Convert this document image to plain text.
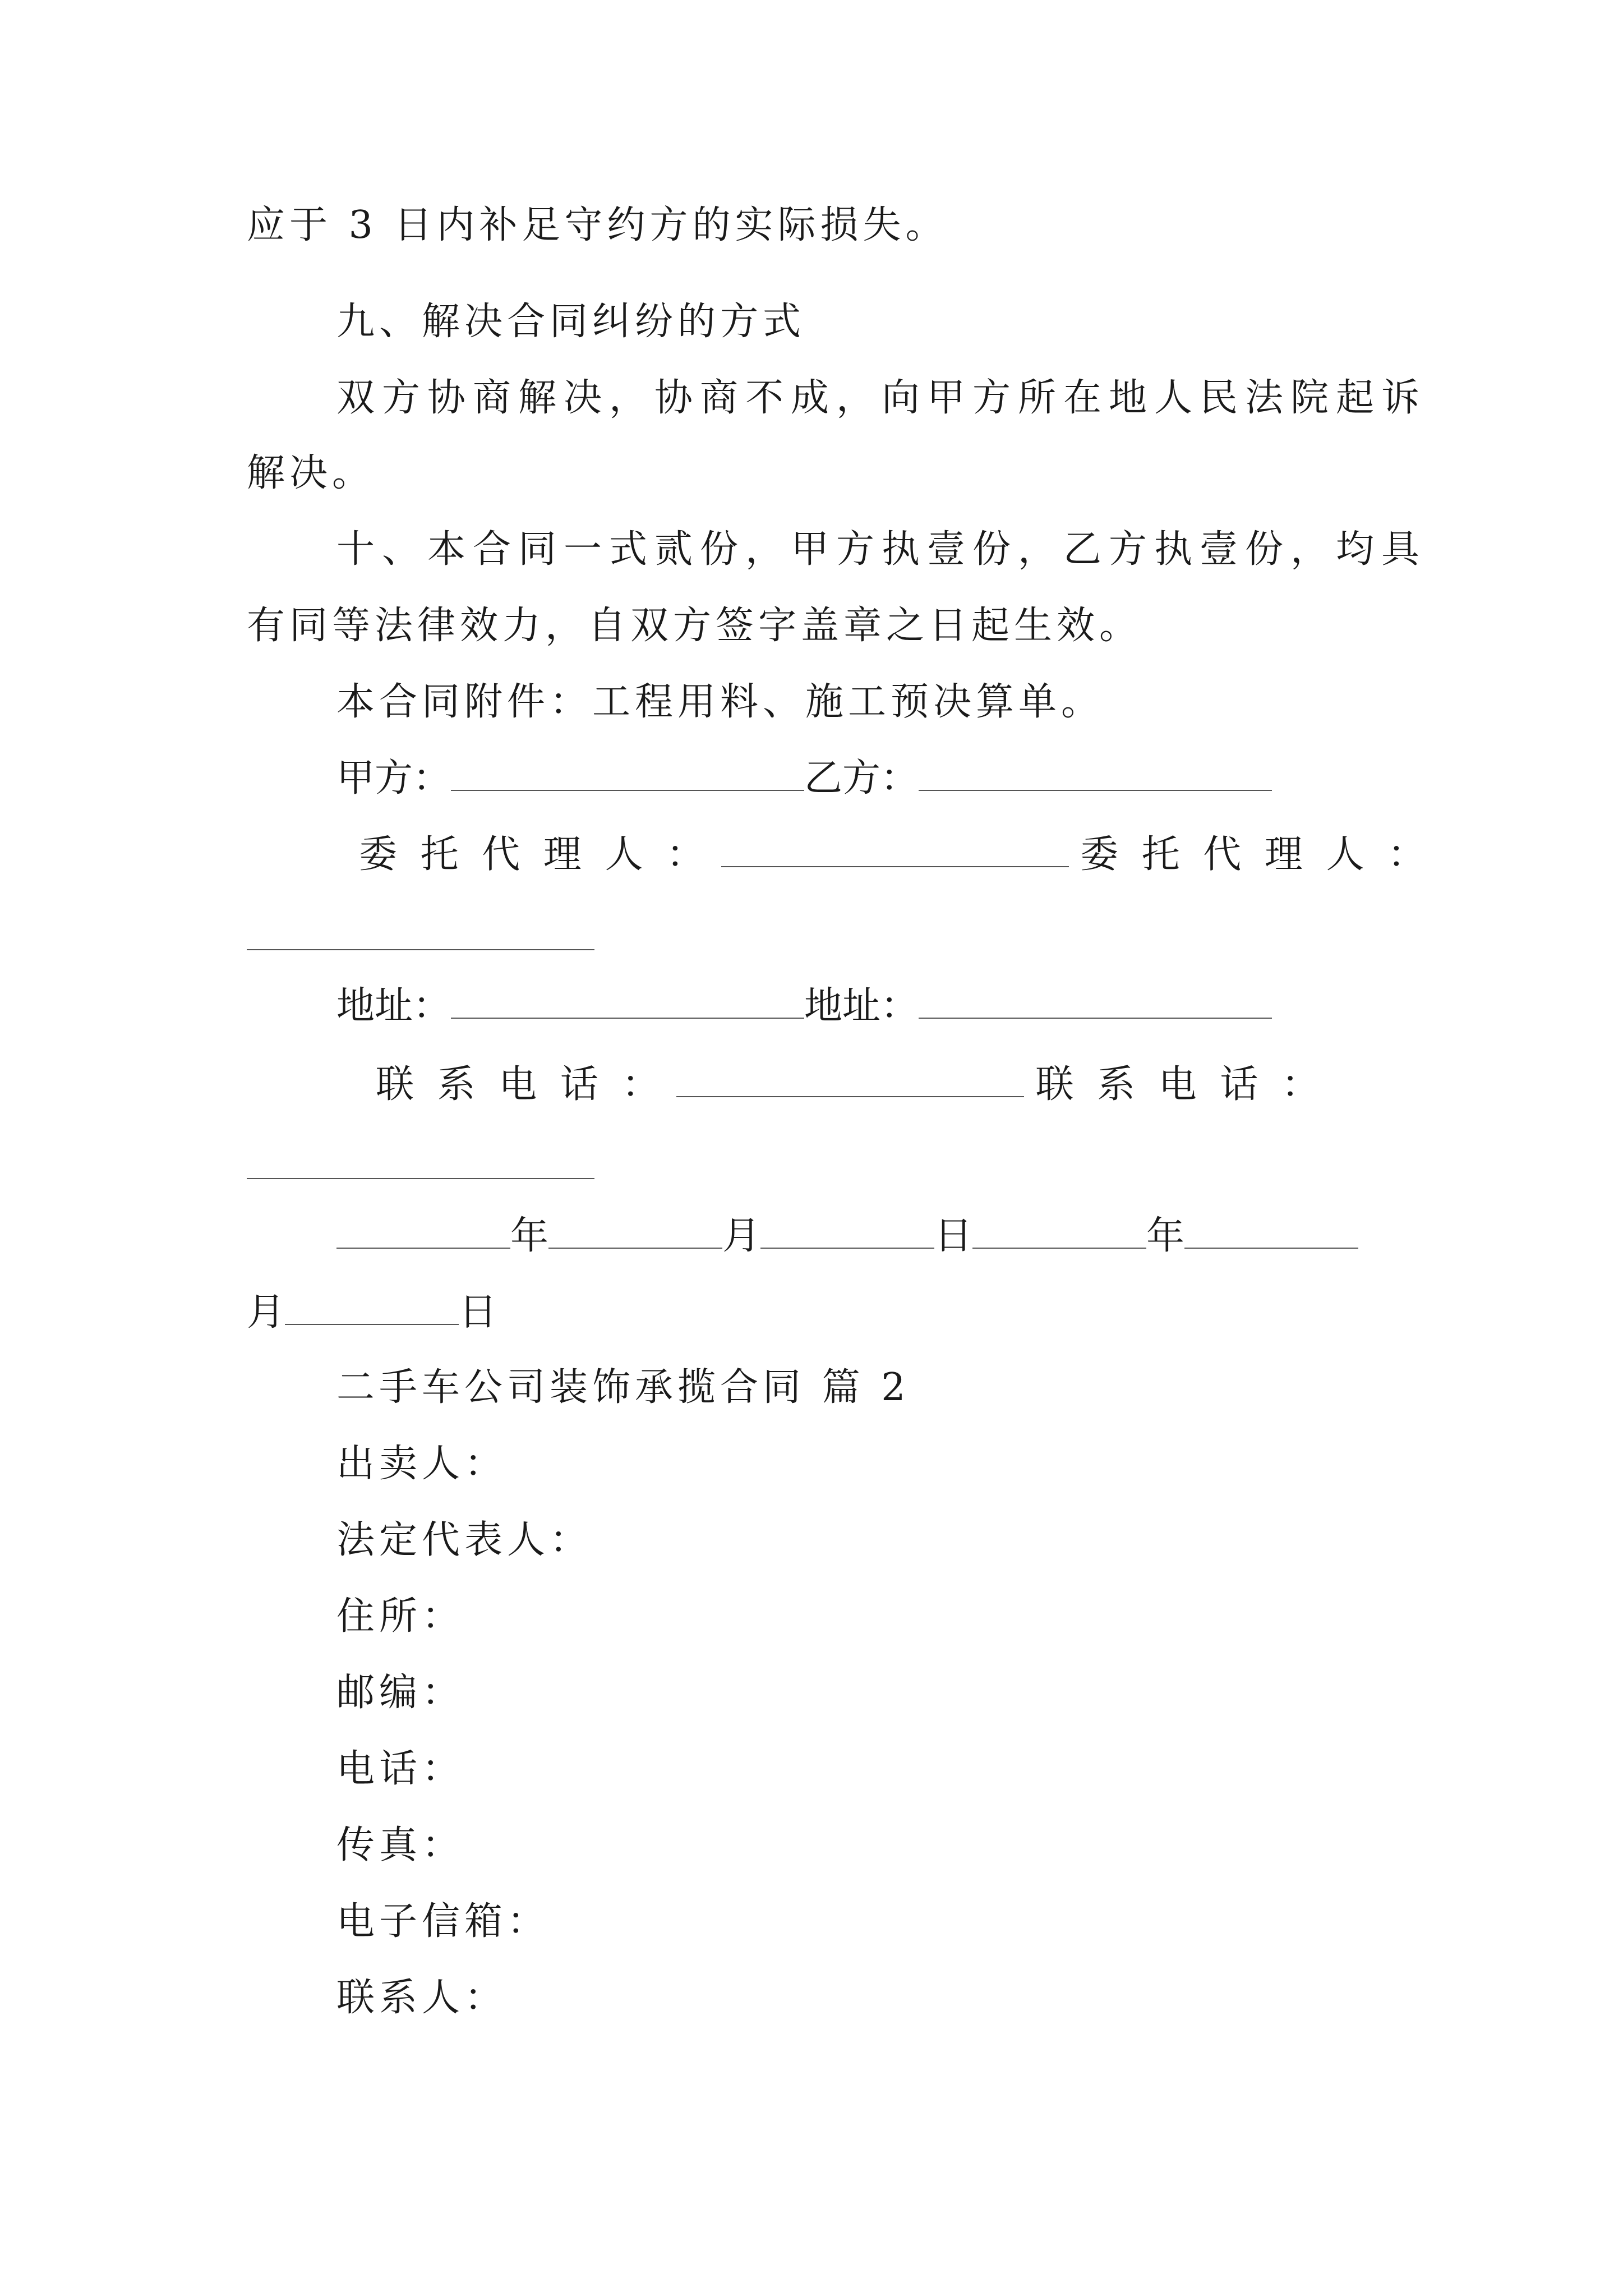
应于 3 日内补足守约方的实际损失。
九、解决合同纠纷的方式
双方协商解决，协商不成，向甲方所在地人民法院起诉
解决。
十、本合同一式贰份，甲方执壹份，乙方执壹份，均具
有同等法律效力，自双方签字盖章之日起生效。
本合同附件：工程用料、施工预决算单。
甲方：	乙方：
委 托 代 理 人 ：	委 托 代 理 人 ：
地址：	地址：
联 系 电 话 ：	联 系 电 话 ：
年	月	日	年
月	日
二手车公司装饰承揽合同 篇 2
出卖人：
法定代表人：
住所：
邮编：
电话：
传真：
电子信箱：
联系人：
